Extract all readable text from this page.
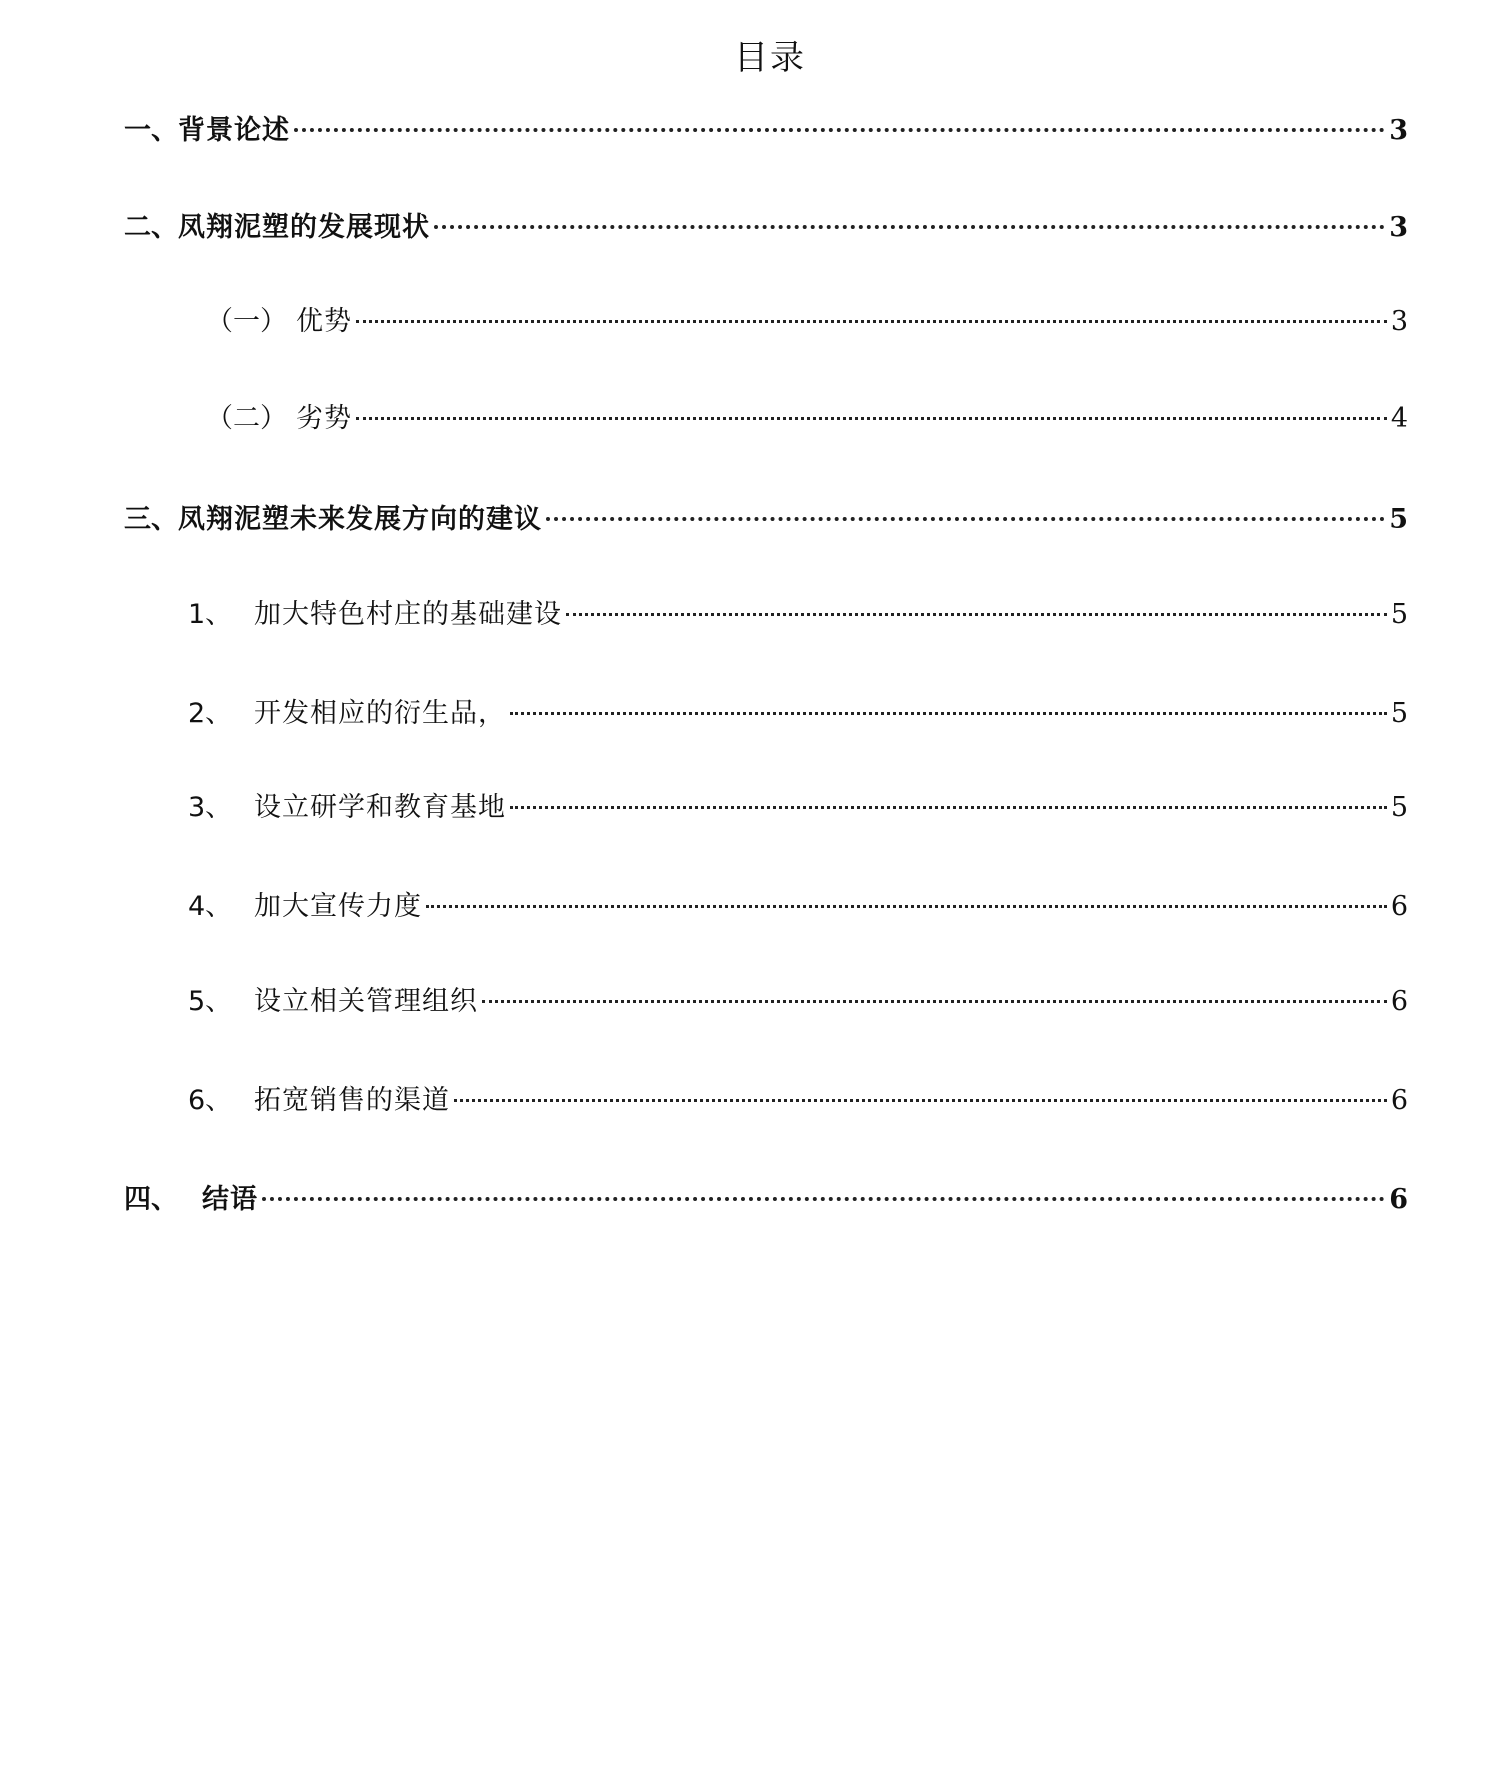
目录
一、 背景论述	3
二、 凤翔泥塑的发展现状	3
（一） 优势	3
（二） 劣势	4
三、 凤翔泥塑未来发展方向的建议	5
1、 加大特色村庄的基础建设	5
2、 开发相应的衍生品，	5
3、 设立研学和教育基地	5
4、 加大宣传力度	6
5、 设立相关管理组织	6
6、 拓宽销售的渠道	6
四、 结语	6
